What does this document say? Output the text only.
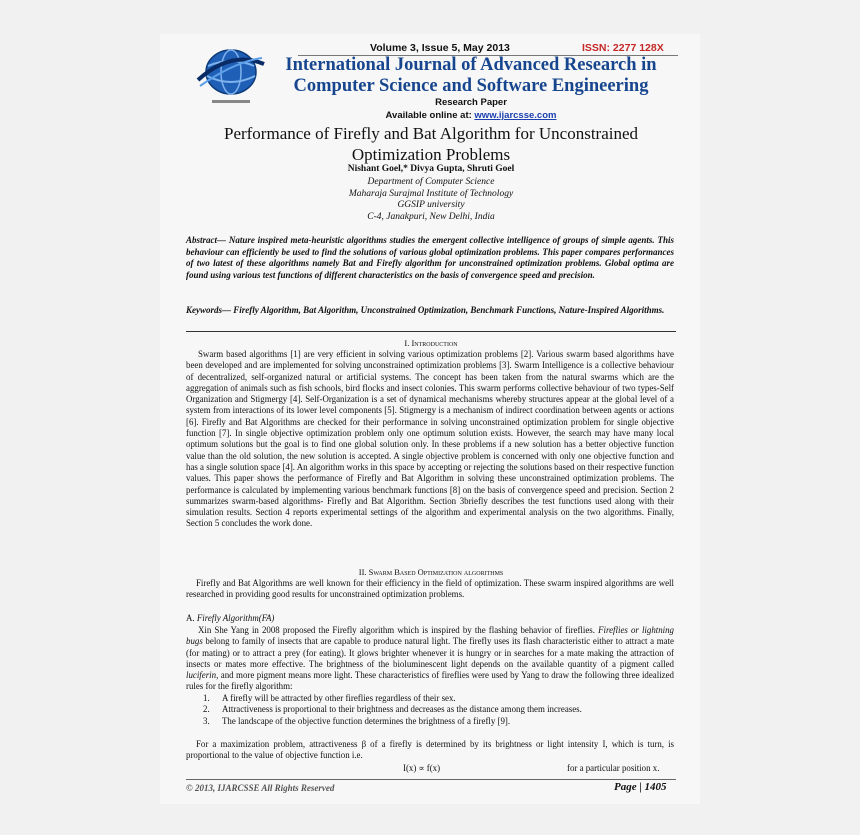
Volume 3, Issue 5, May 2013	ISSN: 2277 128X
International Journal of Advanced Research in
Computer Science and Software Engineering
Research Paper
Available online at: www.ijarcsse.com
Performance of Firefly and Bat Algorithm for Unconstrained
Optimization Problems
Nishant Goel,* Divya Gupta, Shruti Goel
Department of Computer Science
Maharaja Surajmal Institute of Technology
GGSIP university
C-4, Janakpuri, New Delhi, India
Abstract— Nature inspired meta-heuristic algorithms studies the emergent collective intelligence of groups of simple agents. This behaviour can efficiently be used to find the solutions of various global optimization problems. This paper compares performances of two latest of these algorithms namely Bat and Firefly algorithm for unconstrained optimization problems. Global optima are found using various test functions of different characteristics on the basis of convergence speed and precision.
Keywords— Firefly Algorithm, Bat Algorithm, Unconstrained Optimization, Benchmark Functions, Nature-Inspired Algorithms.
I. Introduction
Swarm based algorithms [1] are very efficient in solving various optimization problems [2]. Various swarm based algorithms have been developed and are implemented for solving unconstrained optimization problems [3]. Swarm Intelligence is a collective behaviour of decentralized, self-organized natural or artificial systems. The concept has been taken from the natural swarms which are the aggregation of animals such as fish schools, bird flocks and insect colonies. This swarm performs collective behaviour of two types-Self Organization and Stigmergy [4]. Self-Organization is a set of dynamical mechanisms whereby structures appear at the global level of a system from interactions of its lower level components [5]. Stigmergy is a mechanism of indirect coordination between agents or actions [6]. Firefly and Bat Algorithms are checked for their performance in solving unconstrained optimization problem for single objective function [7]. In single objective optimization problem only one optimum solution exists. However, the search may have many local optimum solutions but the goal is to find one global solution only. In these problems if a new solution has a better objective function value than the old solution, the new solution is accepted. A single objective problem is concerned with only one objective function and has a single solution space [4]. An algorithm works in this space by accepting or rejecting the solutions based on their respective function values. This paper shows the performance of Firefly and Bat Algorithm in solving these unconstrained optimization problems. The performance is calculated by implementing various benchmark functions [8] on the basis of convergence speed and precision. Section 2 summarizes swarm-based algorithms- Firefly and Bat Algorithm. Section 3briefly describes the test functions used along with their simulation results. Section 4 reports experimental settings of the algorithm and experimental analysis on the two algorithms. Finally, Section 5 concludes the work done.
II. Swarm Based Optimization algorithms
Firefly and Bat Algorithms are well known for their efficiency in the field of optimization. These swarm inspired algorithms are well researched in providing good results for unconstrained optimization problems.
A. Firefly Algorithm(FA)
Xin She Yang in 2008 proposed the Firefly algorithm which is inspired by the flashing behavior of fireflies. Fireflies or lightning bugs belong to family of insects that are capable to produce natural light. The firefly uses its flash characteristic either to attract a mate (for mating) or to attract a prey (for eating). It glows brighter whenever it is hungry or in searches for a mate making the attraction of insects or mates more effective. The brightness of the bioluminescent light depends on the available quantity of a pigment called luciferin, and more pigment means more light. These characteristics of fireflies were used by Yang to draw the following three idealized rules for the firefly algorithm:
1.	A firefly will be attracted by other fireflies regardless of their sex.
2.	Attractiveness is proportional to their brightness and decreases as the distance among them increases.
3.	The landscape of the objective function determines the brightness of a firefly [9].
For a maximization problem, attractiveness β of a firefly is determined by its brightness or light intensity I, which is turn, is proportional to the value of objective function i.e.
I(x) ∝ f(x)	for a particular position x.
© 2013, IJARCSSE All Rights Reserved	Page | 1405
